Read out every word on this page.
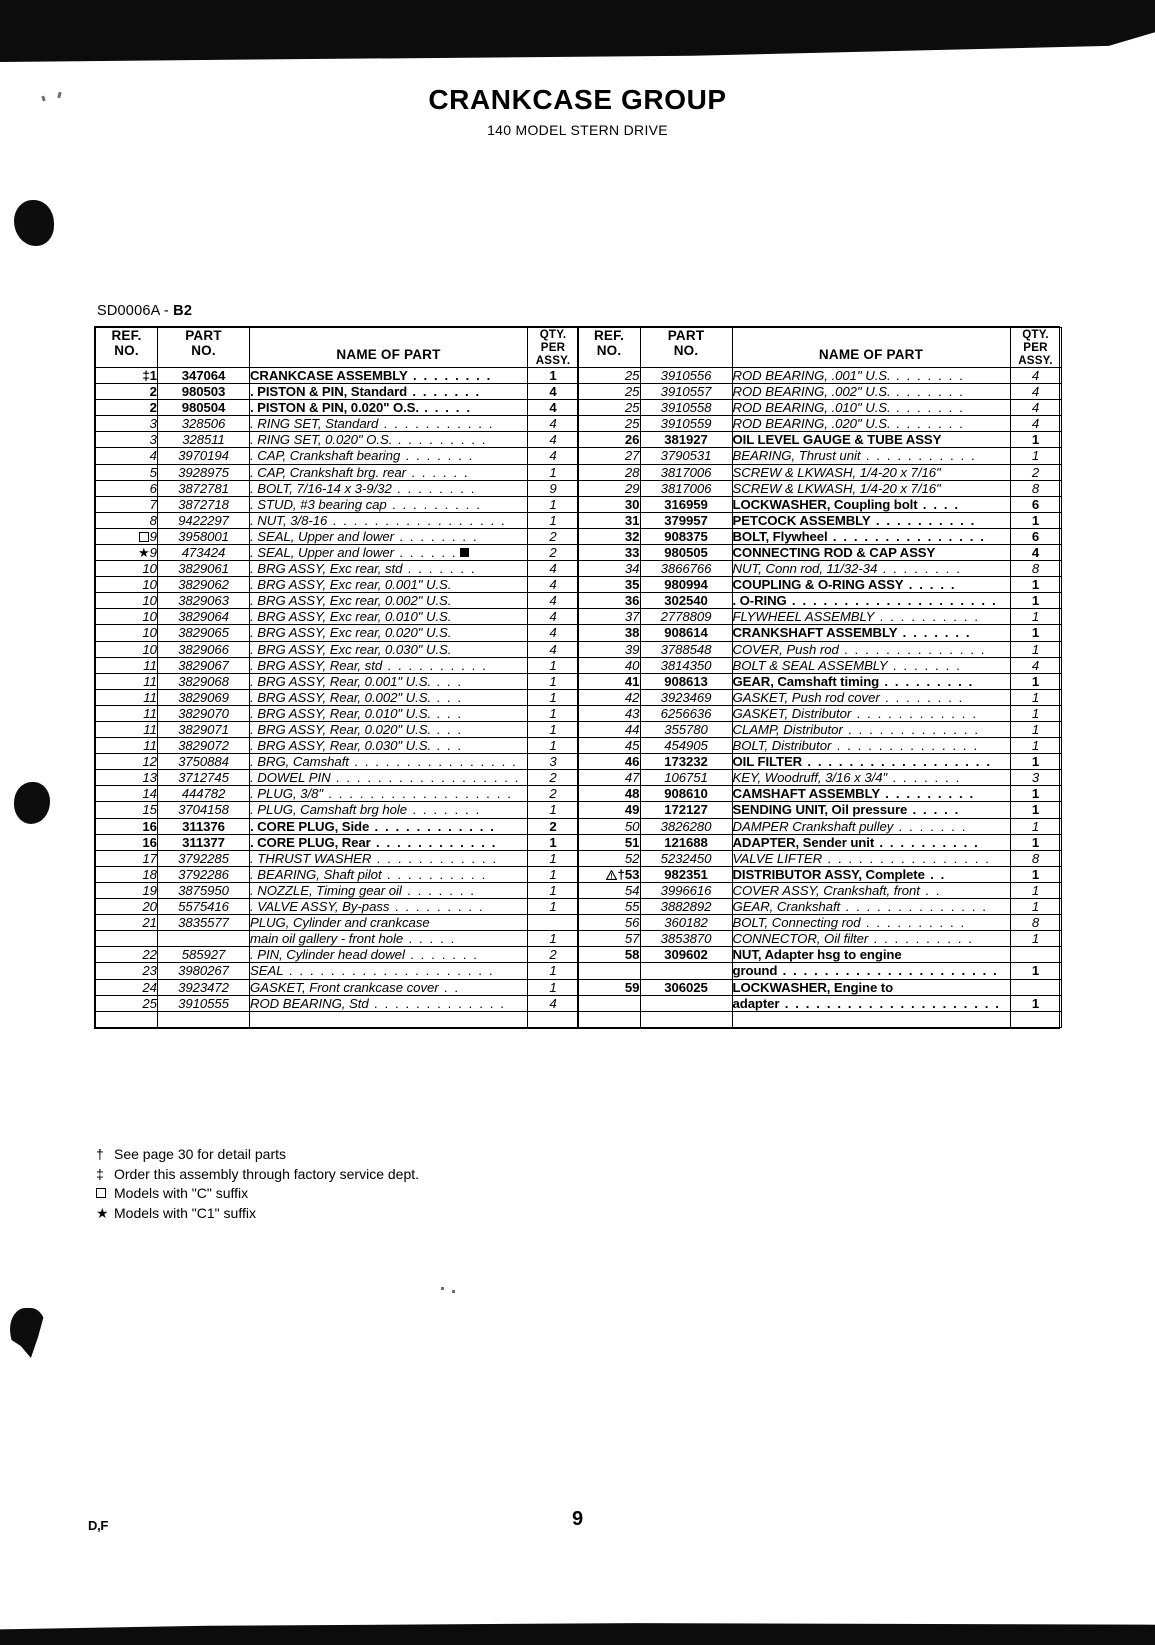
CRANKCASE GROUP
140 MODEL STERN DRIVE
SD0006A - B2
REF.
NO.	PART
NO.	NAME OF PART	QTY.
PER
ASSY.
‡1	347064	CRANKCASE ASSEMBLY . . . . . . . .	1
2	980503	. PISTON & PIN, Standard . . . . . . .	4
2	980504	. PISTON & PIN, 0.020" O.S. . . . . .	4
3	328506	. RING SET, Standard . . . . . . . . . . .	4
3	328511	. RING SET, 0.020" O.S. . . . . . . . . .	4
4	3970194	. CAP, Crankshaft bearing . . . . . . .	4
5	3928975	. CAP, Crankshaft brg. rear . . . . . .	1
6	3872781	. BOLT, 7/16-14 x 3-9/32 . . . . . . . .	9
7	3872718	. STUD, #3 bearing cap . . . . . . . . .	1
8	9422297	. NUT, 3/8-16 . . . . . . . . . . . . . . . . .	1
9	3958001	. SEAL, Upper and lower . . . . . . . .	2
★9	473424	. SEAL, Upper and lower . . . . . .	2
10	3829061	. BRG ASSY, Exc rear, std . . . . . . .	4
10	3829062	. BRG ASSY, Exc rear, 0.001" U.S.	4
10	3829063	. BRG ASSY, Exc rear, 0.002" U.S.	4
10	3829064	. BRG ASSY, Exc rear, 0.010" U.S.	4
10	3829065	. BRG ASSY, Exc rear, 0.020" U.S.	4
10	3829066	. BRG ASSY, Exc rear, 0.030" U.S.	4
11	3829067	. BRG ASSY, Rear, std . . . . . . . . . .	1
11	3829068	. BRG ASSY, Rear, 0.001" U.S. . . .	1
11	3829069	. BRG ASSY, Rear, 0.002" U.S. . . .	1
11	3829070	. BRG ASSY, Rear, 0.010" U.S. . . .	1
11	3829071	. BRG ASSY, Rear, 0.020" U.S. . . .	1
11	3829072	. BRG ASSY, Rear, 0.030" U.S. . . .	1
12	3750884	. BRG, Camshaft . . . . . . . . . . . . . . . .	3
13	3712745	. DOWEL PIN . . . . . . . . . . . . . . . . . .	2
14	444782	. PLUG, 3/8" . . . . . . . . . . . . . . . . . .	2
15	3704158	. PLUG, Camshaft brg hole . . . . . . .	1
16	311376	. CORE PLUG, Side . . . . . . . . . . . .	2
16	311377	. CORE PLUG, Rear . . . . . . . . . . . .	1
17	3792285	. THRUST WASHER . . . . . . . . . . . .	1
18	3792286	. BEARING, Shaft pilot . . . . . . . . . .	1
19	3875950	. NOZZLE, Timing gear oil . . . . . . .	1
20	5575416	. VALVE ASSY, By-pass . . . . . . . . .	1
21	3835577	PLUG, Cylinder and crankcase	
		main oil gallery - front hole . . . . .	1
22	585927	. PIN, Cylinder head dowel . . . . . . .	2
23	3980267	SEAL . . . . . . . . . . . . . . . . . . . .	1
24	3923472	GASKET, Front crankcase cover . .	1
25	3910555	ROD BEARING, Std . . . . . . . . . . . . .	4

REF.
NO.	PART
NO.	NAME OF PART	QTY.
PER
ASSY.
25	3910556	ROD BEARING, .001" U.S. . . . . . . .	4
25	3910557	ROD BEARING, .002" U.S. . . . . . . .	4
25	3910558	ROD BEARING, .010" U.S. . . . . . . .	4
25	3910559	ROD BEARING, .020" U.S. . . . . . . .	4
26	381927	OIL LEVEL GAUGE & TUBE ASSY	1
27	3790531	BEARING, Thrust unit . . . . . . . . . . .	1
28	3817006	SCREW & LKWASH, 1/4-20 x 7/16"	2
29	3817006	SCREW & LKWASH, 1/4-20 x 7/16"	8
30	316959	LOCKWASHER, Coupling bolt . . . .	6
31	379957	PETCOCK ASSEMBLY . . . . . . . . . .	1
32	908375	BOLT, Flywheel . . . . . . . . . . . . . . .	6
33	980505	CONNECTING ROD & CAP ASSY	4
34	3866766	NUT, Conn rod, 11/32-34 . . . . . . . .	8
35	980994	COUPLING & O-RING ASSY . . . . .	1
36	302540	. O-RING . . . . . . . . . . . . . . . . . . . .	1
37	2778809	FLYWHEEL ASSEMBLY . . . . . . . . . .	1
38	908614	CRANKSHAFT ASSEMBLY . . . . . . .	1
39	3788548	COVER, Push rod . . . . . . . . . . . . . .	1
40	3814350	BOLT & SEAL ASSEMBLY . . . . . . .	4
41	908613	GEAR, Camshaft timing . . . . . . . . .	1
42	3923469	GASKET, Push rod cover . . . . . . . .	1
43	6256636	GASKET, Distributor . . . . . . . . . . . .	1
44	355780	CLAMP, Distributor . . . . . . . . . . . . .	1
45	454905	BOLT, Distributor . . . . . . . . . . . . . .	1
46	173232	OIL FILTER . . . . . . . . . . . . . . . . . .	1
47	106751	KEY, Woodruff, 3/16 x 3/4" . . . . . . .	3
48	908610	CAMSHAFT ASSEMBLY . . . . . . . . .	1
49	172127	SENDING UNIT, Oil pressure . . . . .	1
50	3826280	DAMPER Crankshaft pulley . . . . . . .	1
51	121688	ADAPTER, Sender unit . . . . . . . . . .	1
52	5232450	VALVE LIFTER . . . . . . . . . . . . . . . .	8
†53	982351	DISTRIBUTOR ASSY, Complete . .	1
54	3996616	COVER ASSY, Crankshaft, front . .	1
55	3882892	GEAR, Crankshaft . . . . . . . . . . . . . .	1
56	360182	BOLT, Connecting rod . . . . . . . . . .	8
57	3853870	CONNECTOR, Oil filter . . . . . . . . . .	1
58	309602	NUT, Adapter hsg to engine	
		ground . . . . . . . . . . . . . . . . . . . . .	1
59	306025	LOCKWASHER, Engine to	
		adapter . . . . . . . . . . . . . . . . . . . . .	1

† See page 30 for detail parts
‡ Order this assembly through factory service dept.
Models with "C" suffix
★ Models with "C1" suffix
D,F	9
